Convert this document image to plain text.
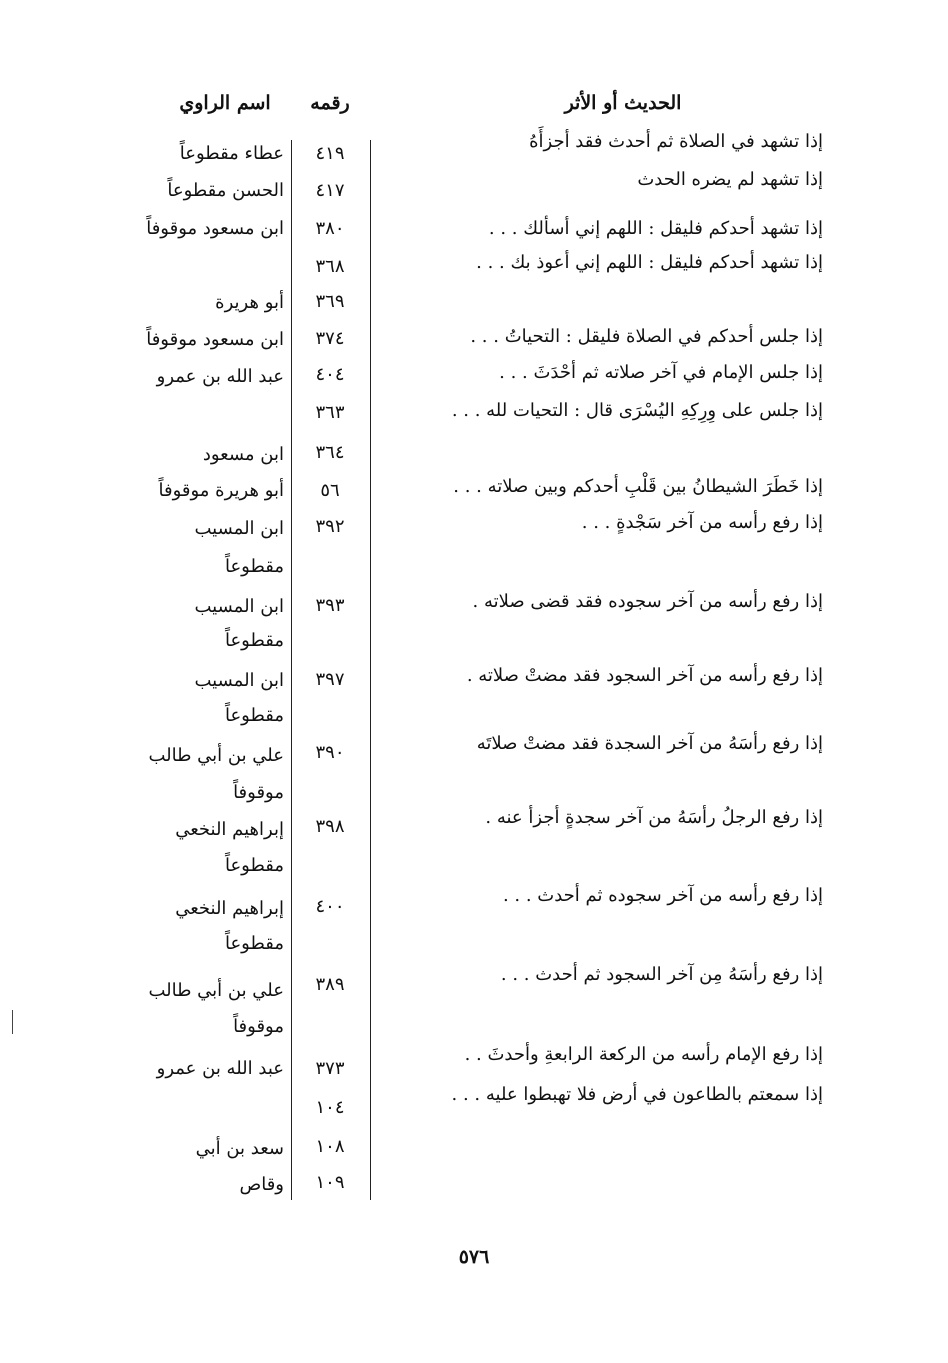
الحديث أو الأثر
رقمه
اسم الراوي
إذا تشهد في الصلاة ثم أحدث فقد أجزأَهُ
٤١٩
عطاء مقطوعاً
إذا تشهد لم يضره الحدث
٤١٧
الحسن مقطوعاً
إذا تشهد أحدكم فليقل : اللهم إني أسألك . . .
٣٨٠
ابن مسعود موقوفاً
إذا تشهد أحدكم فليقل : اللهم إني أعوذ بك . . .
٣٦٨
٣٦٩
أبو هريرة
إذا جلس أحدكم في الصلاة فليقل : التحياتُ . . .
٣٧٤
ابن مسعود موقوفاً
إذا جلس الإمام في آخر صلاته ثم أحْدَثَ . . .
٤٠٤
عبد الله بن عمرو
إذا جلس على وِرِكِهِ اليُسْرَى قال : التحيات لله . . .
٣٦٣
٣٦٤
ابن مسعود
إذا خَطَرَ الشيطانُ بين قَلْبِ أحدكم وبين صلاته . . .
٥٦
أبو هريرة موقوفاً
إذا رفع رأسه من آخر سَجْدةٍ . . .
٣٩٢
ابن المسيب
مقطوعاً
إذا رفع رأسه من آخر سجوده فقد قضى صلاته .
٣٩٣
ابن المسيب
مقطوعاً
إذا رفع رأسه من آخر السجود فقد مضتْ صلاته .
٣٩٧
ابن المسيب
مقطوعاً
إذا رفع رأسَهُ من آخر السجدة فقد مضتْ صلاتَه
٣٩٠
علي بن أبي طالب
موقوفاً
إذا رفع الرجلُ رأسَهُ من آخر سجدةٍ أجزأ عنه .
٣٩٨
إبراهيم النخعي
مقطوعاً
إذا رفع رأسه من آخر سجوده ثم أحدث . . .
٤٠٠
إبراهيم النخعي
مقطوعاً
إذا رفع رأسَهُ مِن آخر السجود ثم أحدث . . .
٣٨٩
علي بن أبي طالب
موقوفاً
إذا رفع الإمام رأسه من الركعة الرابعةِ وأحدثَ . .
٣٧٣
عبد الله بن عمرو
إذا سمعتم بالطاعون في أرض فلا تهبطوا عليه . . .
١٠٤
١٠٨
سعد بن أبي
١٠٩
وقاص
٥٧٦
